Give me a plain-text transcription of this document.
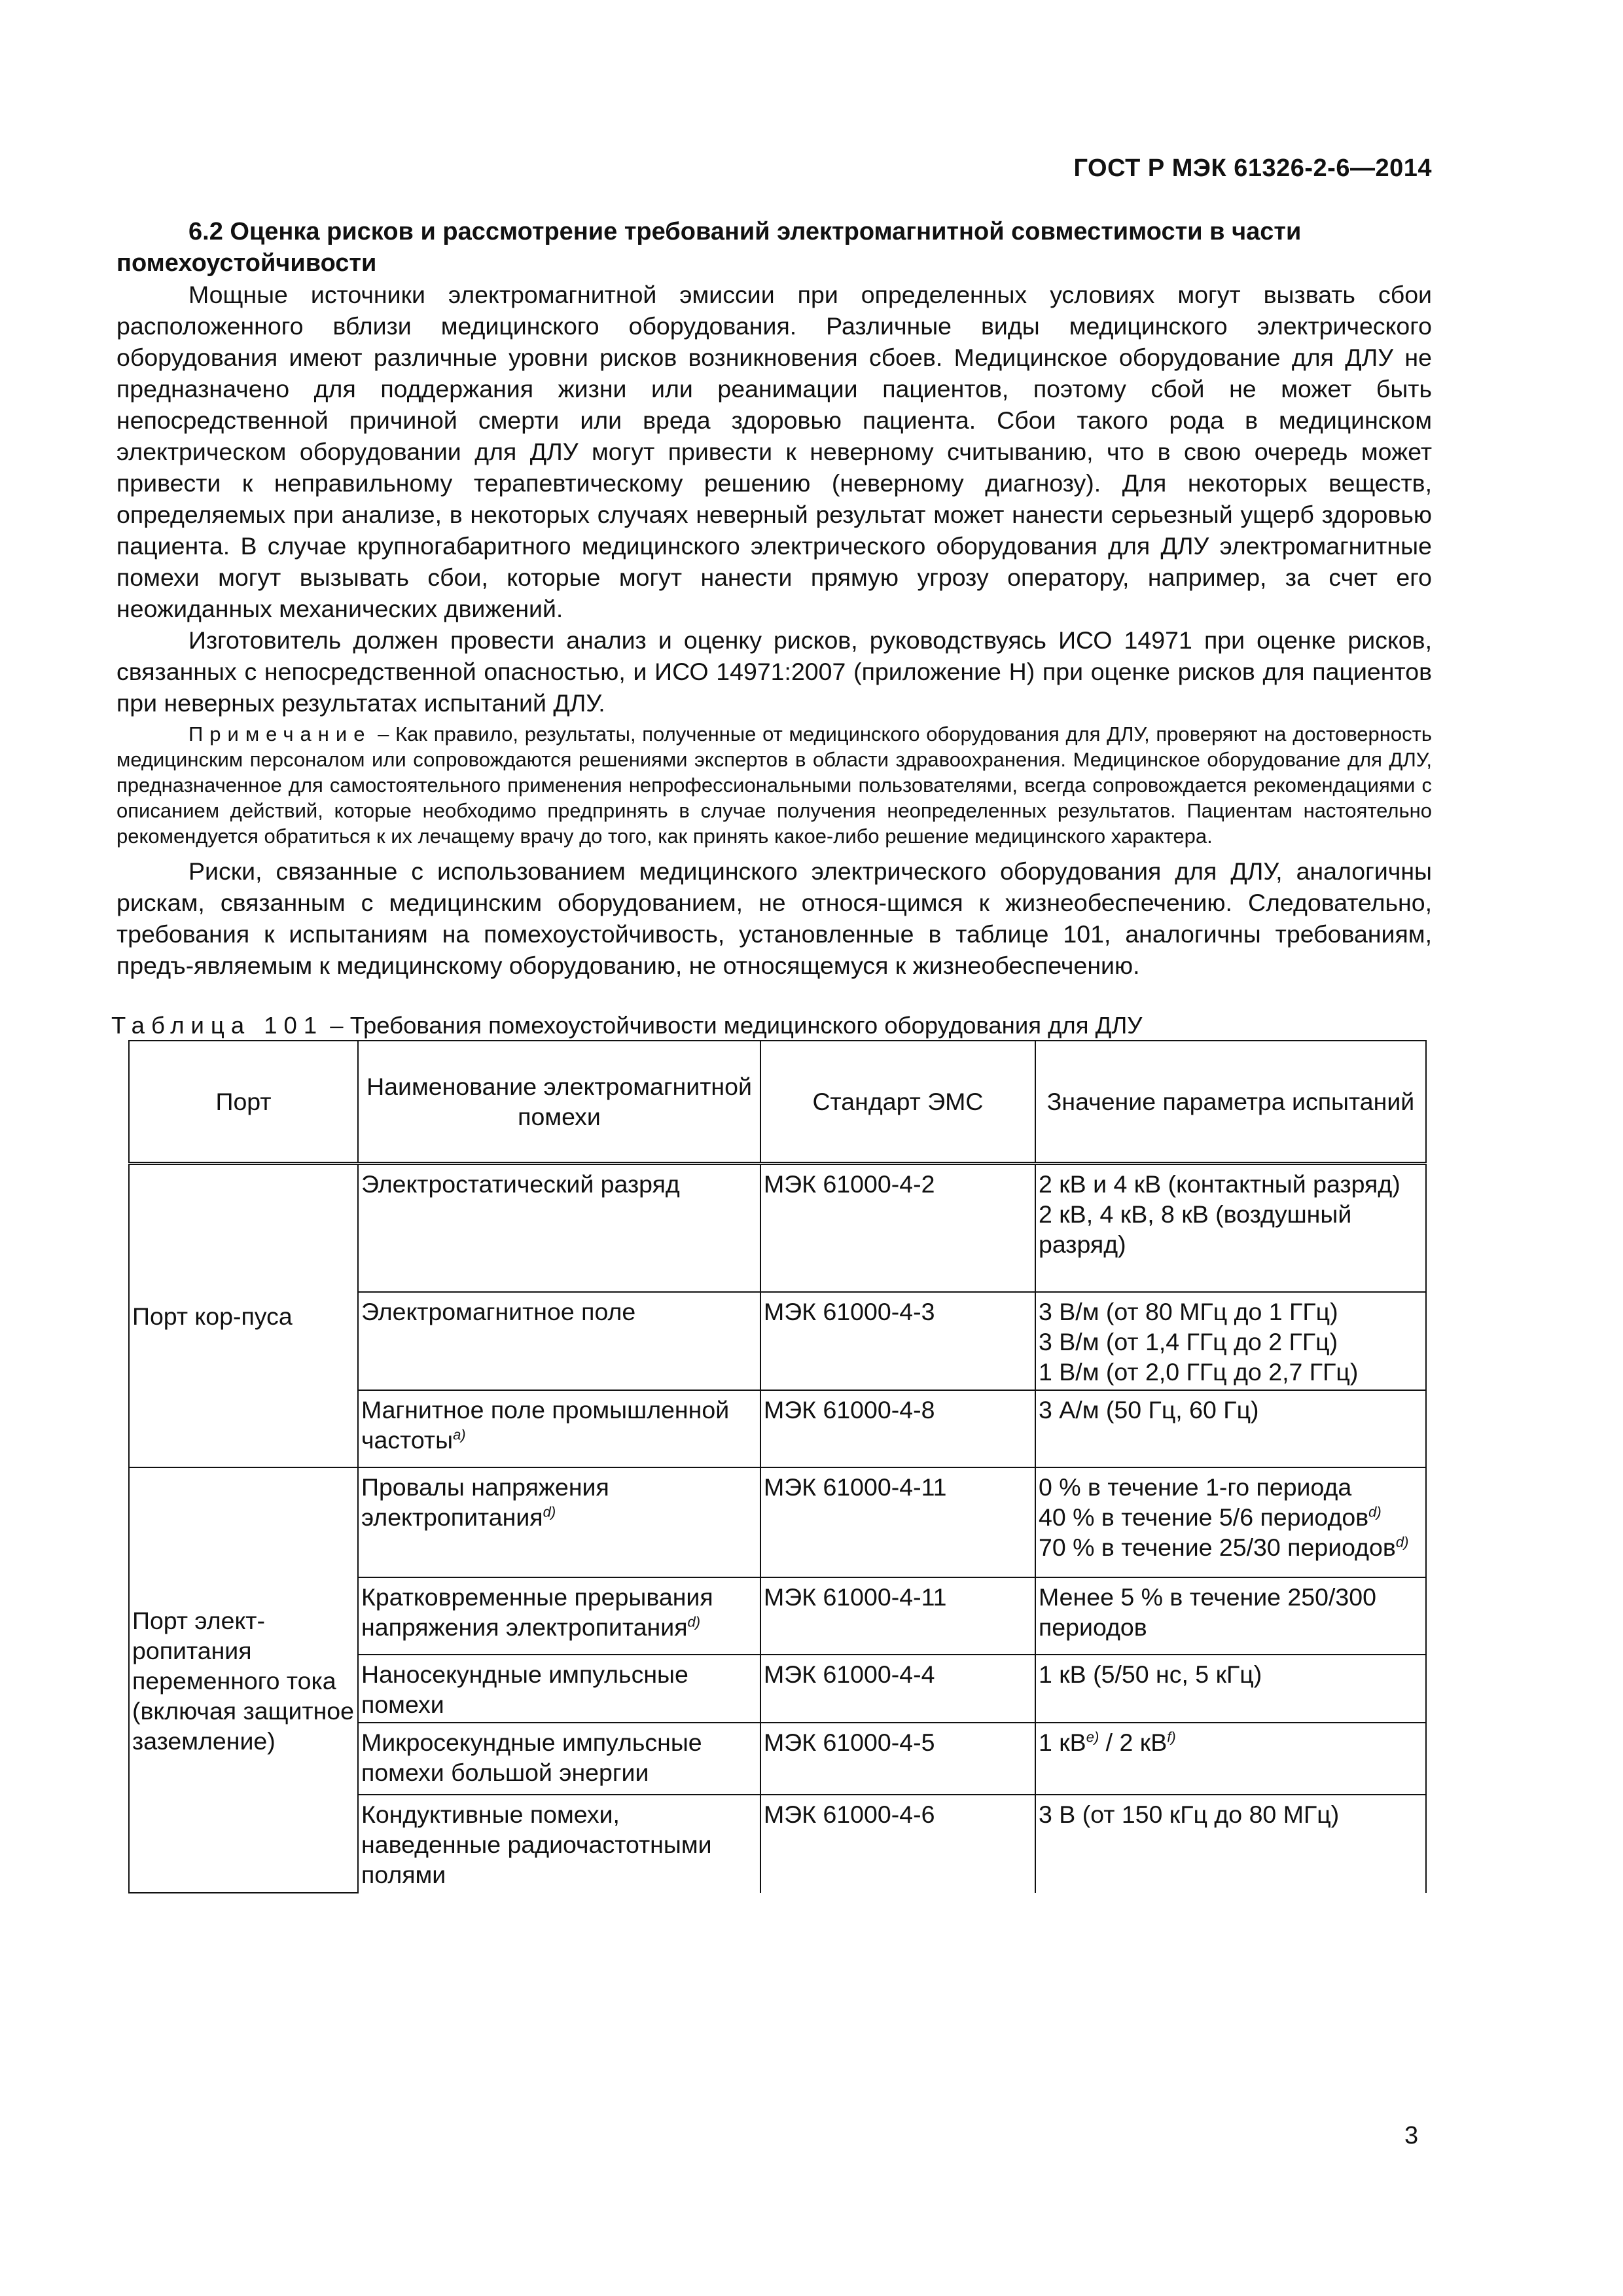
ГОСТ Р МЭК 61326-2-6—2014

6.2 Оценка рисков и рассмотрение требований электромагнитной совместимости в части помехоустойчивости

Мощные источники электромагнитной эмиссии при определенных условиях могут вызвать сбои расположенного вблизи медицинского оборудования. Различные виды медицинского электрического оборудования имеют различные уровни рисков возникновения сбоев. Медицинское оборудование для ДЛУ не предназначено для поддержания жизни или реанимации пациентов, поэтому сбой не может быть непосредственной причиной смерти или вреда здоровью пациента. Сбои такого рода в медицинском электрическом оборудовании для ДЛУ могут привести к неверному считыванию, что в свою очередь может привести к неправильному терапевтическому решению (неверному диагнозу). Для некоторых веществ, определяемых при анализе, в некоторых случаях неверный результат может нанести серьезный ущерб здоровью пациента. В случае крупногабаритного медицинского электрического оборудования для ДЛУ электромагнитные помехи могут вызывать сбои, которые могут нанести прямую угрозу оператору, например, за счет его неожиданных механических движений.

Изготовитель должен провести анализ и оценку рисков, руководствуясь ИСО 14971 при оценке рисков, связанных с непосредственной опасностью, и ИСО 14971:2007 (приложение Н) при оценке рисков для пациентов при неверных результатах испытаний ДЛУ.

Примечание – Как правило, результаты, полученные от медицинского оборудования для ДЛУ, проверяют на достоверность медицинским персоналом или сопровождаются решениями экспертов в области здравоохранения. Медицинское оборудование для ДЛУ, предназначенное для самостоятельного применения непрофессиональными пользователями, всегда сопровождается рекомендациями с описанием действий, которые необходимо предпринять в случае получения неопределенных результатов. Пациентам настоятельно рекомендуется обратиться к их лечащему врачу до того, как принять какое-либо решение медицинского характера.

Риски, связанные с использованием медицинского электрического оборудования для ДЛУ, аналогичны рискам, связанным с медицинским оборудованием, не относя-щимся к жизнеобеспечению. Следовательно, требования к испытаниям на помехоустойчивость, установленные в таблице 101, аналогичны требованиям, предъ-являемым к медицинскому оборудованию, не относящемуся к жизнеобеспечению.

Таблица 101 – Требования помехоустойчивости медицинского оборудования для ДЛУ
Порт	Наименование электромагнитной помехи	Стандарт ЭМС	Значение параметра испытаний
Порт кор-пуса	Электростатический разряд	МЭК 61000-4-2	2 кВ и 4 кВ (контактный разряд)
2 кВ, 4 кВ, 8 кВ (воздушный разряд)

	Электромагнитное поле	МЭК 61000-4-3	3 В/м (от 80 МГц до 1 ГГц)
3 В/м (от 1,4 ГГц до 2 ГГц)
1 В/м (от 2,0 ГГц до 2,7 ГГц)

	Магнитное поле промышленной частоты$^{a)}$	МЭК 61000-4-8	3 А/м (50 Гц, 60 Гц)
Порт элект-ропитания переменного тока (включая защитное заземление)	Провалы напряжения электропитания$^{d)}$	МЭК 61000-4-11	0 % в течение 1-го периода
40 % в течение 5/6 периодов$^{d)}$
70 % в течение 25/30 периодов$^{d)}$

	Кратковременные прерывания напряжения электропитания$^{d)}$	МЭК 61000-4-11	Менее 5 % в течение 250/300 периодов
	Наносекундные импульсные помехи	МЭК 61000-4-4	1 кВ (5/50 нс, 5 кГц)
	Микросекундные импульсные помехи большой энергии	МЭК 61000-4-5	1 $кВ^{e)} / 2$ $кВ^{f)}$
	Кондуктивные помехи, наведенные радиочастотными полями	МЭК 61000-4-6	3 В (от 150 кГц до 80 МГц)
3
